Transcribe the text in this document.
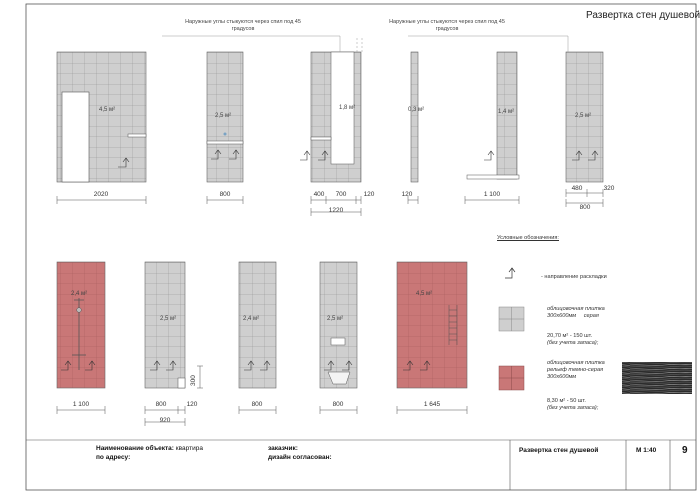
Развертка стен душевой
Наружные углы стыкуются через спил под 45 градусов
Наружные углы стыкуются через спил под 45 градусов
4,5 м²
2,5 м²
1,8 м²	0,3 м²	1,4 м²
2,5 м²
2020	800	400	700	120
1220
120	1 100
480	320
800
2,4 м²
2,5 м²	2,4 м²	2,5 м²
4,5 м²
1 100	800	120
920
800	800	1 645
300
Условные обозначения:
- направление раскладки
облицовочная плитка
300х600мм серая
20,70 м² - 150 шт.
(без учета запаса);
облицовочная плитка
рельеф темно-серая
300х600мм
8,30 м² - 50 шт.
(без учета запаса);
Наименование объекта: квартира
по адресу:
заказчик:
дизайн согласован:
Развертка стен душевой	М 1:40	9
